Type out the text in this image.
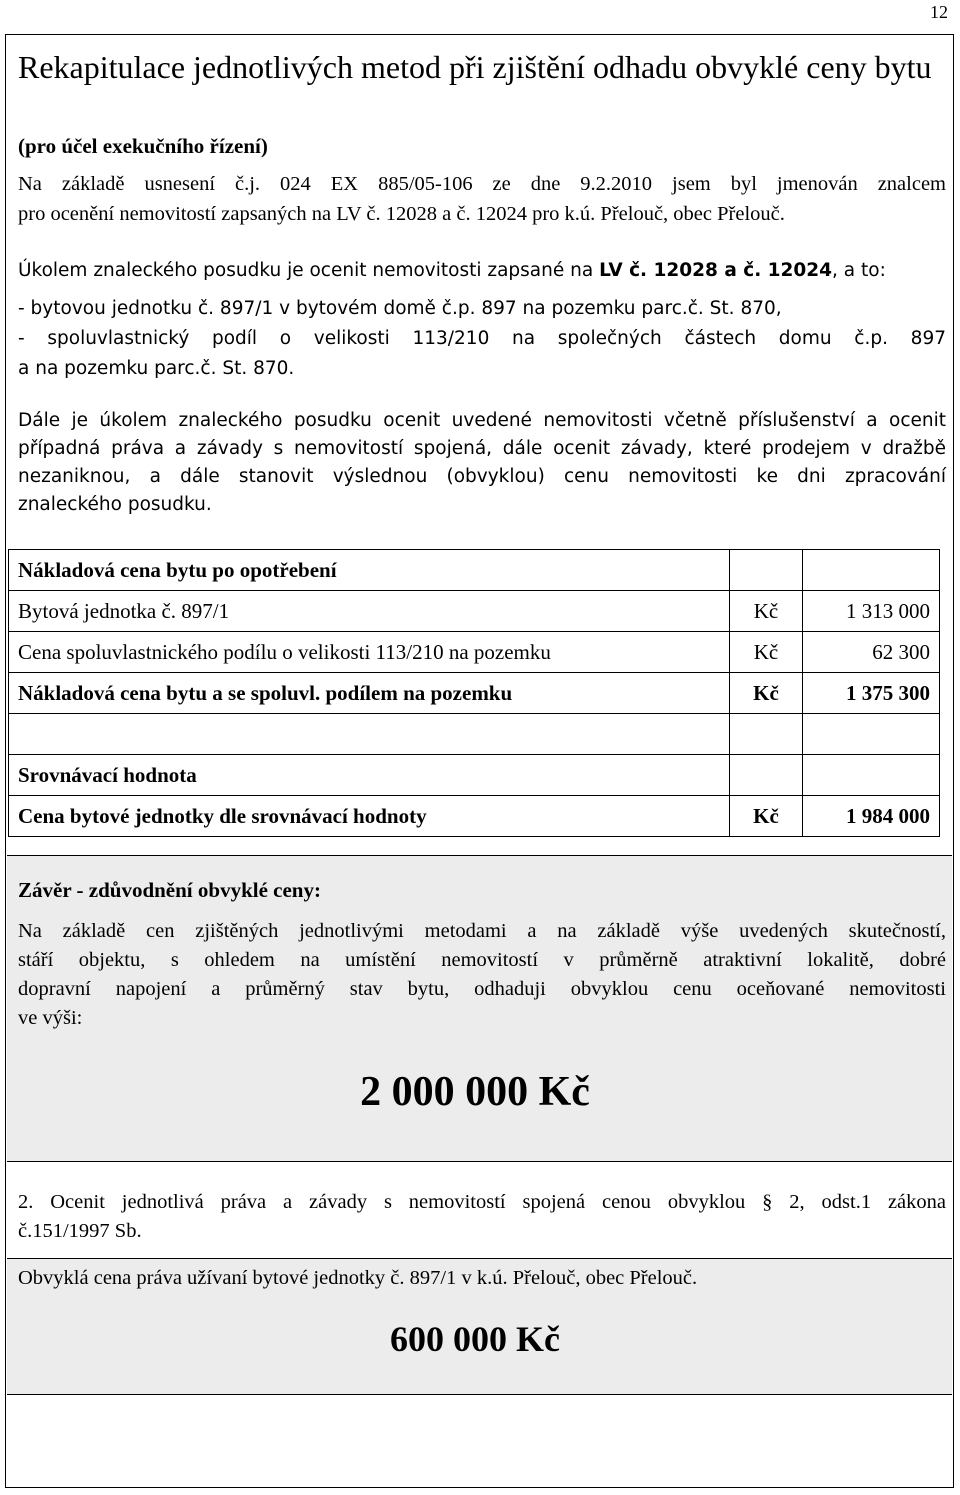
12
Rekapitulace jednotlivých metod při zjištění odhadu obvyklé ceny bytu
(pro účel exekučního řízení)
Na základě usnesení č.j. 024 EX 885/05-106 ze dne 9.2.2010 jsem byl jmenován znalcem
pro ocenění nemovitostí zapsaných na LV č. 12028 a č. 12024 pro k.ú. Přelouč, obec Přelouč.
Úkolem znaleckého posudku je ocenit nemovitosti zapsané na LV č. 12028 a č. 12024, a to:
- bytovou jednotku č. 897/1 v bytovém domě č.p. 897 na pozemku parc.č. St. 870,
- spoluvlastnický podíl o velikosti 113/210 na společných částech domu č.p. 897
a na pozemku parc.č. St. 870.
Dále je úkolem znaleckého posudku ocenit uvedené nemovitosti včetně příslušenství a ocenit
případná práva a závady s nemovitostí spojená, dále ocenit závady, které prodejem v dražbě
nezaniknou, a dále stanovit výslednou (obvyklou) cenu nemovitosti ke dni zpracování
znaleckého posudku.
Nákladová cena bytu po opotřebení		
Bytová jednotka č. 897/1	Kč	1 313 000
Cena spoluvlastnického podílu o velikosti 113/210 na pozemku	Kč	62 300
Nákladová cena bytu a se spoluvl. podílem na pozemku	Kč	1 375 300

Srovnávací hodnota		
Cena bytové jednotky dle srovnávací hodnoty	Kč	1 984 000
Závěr - zdůvodnění obvyklé ceny:
Na základě cen zjištěných jednotlivými metodami a na základě výše uvedených skutečností,
stáří objektu, s ohledem na umístění nemovitostí v průměrně atraktivní lokalitě, dobré
dopravní napojení a průměrný stav bytu, odhaduji obvyklou cenu oceňované nemovitosti
ve výši:
2 000 000 Kč
2. Ocenit jednotlivá práva a závady s nemovitostí spojená cenou obvyklou § 2, odst.1 zákona
č.151/1997 Sb.
Obvyklá cena práva užívaní bytové jednotky č. 897/1 v k.ú. Přelouč, obec Přelouč.
600 000 Kč
